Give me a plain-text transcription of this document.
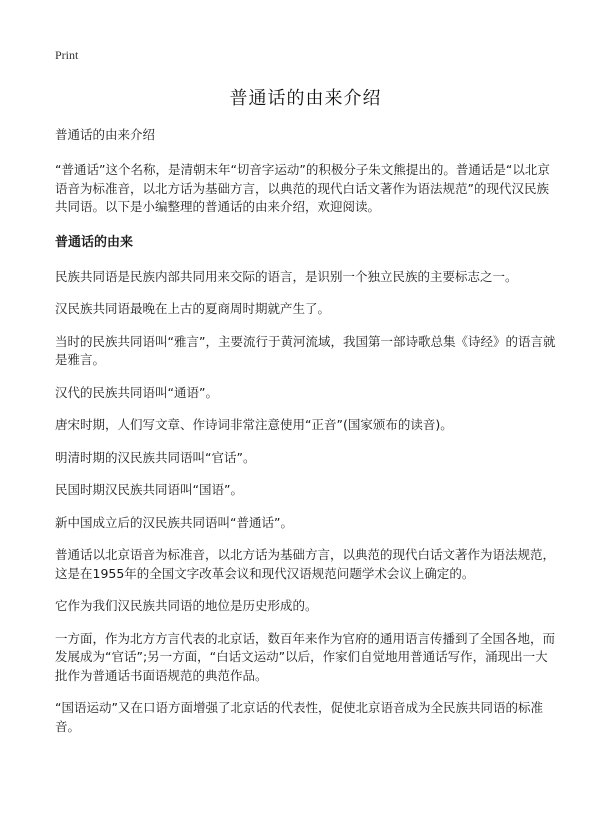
Print
普通话的由来介绍

普通话的由来介绍

“普通话”这个名称，是清朝末年“切音字运动”的积极分子朱文熊提出的。普通话是“以北京语音为标准音，以北方话为基础方言，以典范的现代白话文著作为语法规范”的现代汉民族共同语。以下是小编整理的普通话的由来介绍，欢迎阅读。

普通话的由来

民族共同语是民族内部共同用来交际的语言，是识别一个独立民族的主要标志之一。

汉民族共同语最晚在上古的夏商周时期就产生了。

当时的民族共同语叫“雅言”，主要流行于黄河流域，我国第一部诗歌总集《诗经》的语言就是雅言。

汉代的民族共同语叫“通语”。

唐宋时期，人们写文章、作诗词非常注意使用“正音”(国家颁布的读音)。

明清时期的汉民族共同语叫“官话”。

民国时期汉民族共同语叫“国语”。

新中国成立后的汉民族共同语叫“普通话”。

普通话以北京语音为标准音，以北方话为基础方言，以典范的现代白话文著作为语法规范，这是在1955年的全国文字改革会议和现代汉语规范问题学术会议上确定的。

它作为我们汉民族共同语的地位是历史形成的。

一方面，作为北方方言代表的北京话，数百年来作为官府的通用语言传播到了全国各地，而发展成为“官话”;另一方面，“白话文运动”以后，作家们自觉地用普通话写作，涌现出一大批作为普通话书面语规范的典范作品。

“国语运动”又在口语方面增强了北京话的代表性，促使北京语音成为全民族共同语的标准音。
